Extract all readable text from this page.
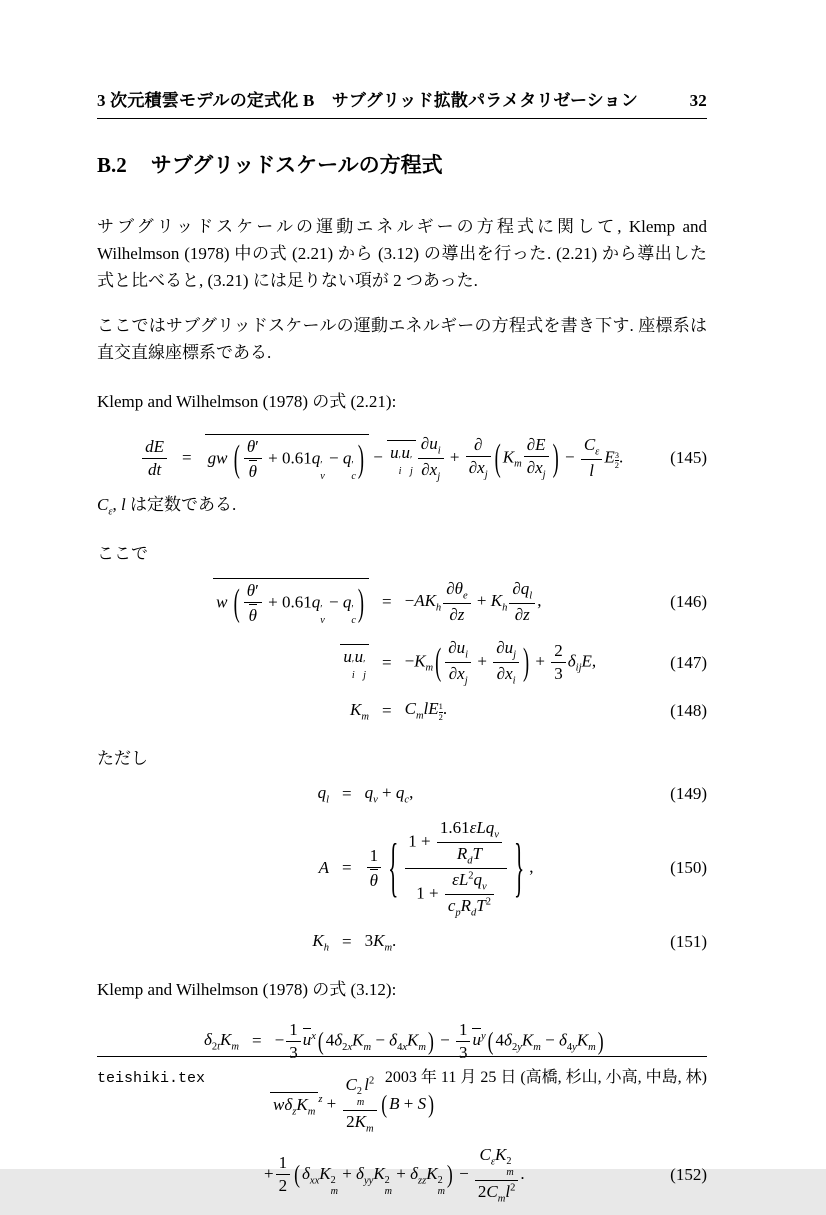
3 次元積雲モデルの定式化 B　サブグリッド拡散パラメタリゼーション	32
B.2 サブグリッドスケールの方程式

サブグリッドスケールの運動エネルギーの方程式に関して, Klemp and Wilhelmson (1978) 中の式 (2.21) から (3.12) の導出を行った. (2.21) から導出した式と比べると, (3.21) には足りない項が 2 つあった.

ここではサブグリッドスケールの運動エネルギーの方程式を書き下す. 座標系は直交直線座標系である.

Klemp and Wilhelmson (1978) の式 (2.21):

$\frac{dE}{dt}$ = gw ( $\frac{\theta'}{\theta} + 0.61q$ ′
v
− q ′
c ) − u ′
i
u ′
j $\frac{\partial u_i}{\partial x_j}$ +
∂
$\partial x_j$ ( $K_m \frac{\partial E}{\partial x_j}$ ) − $\frac{C_\varepsilon}{l}$ E $\frac{3}{2}$ .	(145)

$C_\varepsilon$, l は定数である.

ここで

w ( $\frac{\theta'}{\theta} + 0.61q$ ′
v
− q ′
c ) = $-AK_h \frac{\partial\theta_e}{\partial z} + K_h \frac{\partial q_l}{\partial z}$ ,	(146)
u ′
i
u ′
j
= $-K_m$ ( $\frac{\partial u_i}{\partial x_j} + \frac{\partial u_j}{\partial x_i}$ ) + $\frac{2}{3} \delta_{ij}E$,	(147)
$K_m = C_mlE \frac{1}{2}$ .	(148)

ただし

$q_l = q_v + q_c$,	(149)
$A = \frac{1}{\theta}$ { 1 +
1.61εLq$_v$
$R_dT$
1 +
$\varepsilon L^2q_v$
$c_pR_dT^2$ } ,	(150)
$K_h = 3K_m$.	(151)

Klemp and Wilhelmson (1978) の式 (3.12):

$\delta_{2t}K_m$ = − $\frac{1}{3} u^x$ ( $4\delta_{2x}K_m - \delta_{4x}K_m$ ) − $\frac{1}{3} u^y$ ( $4\delta_{2y}K_m - \delta_{4y}K_m$ )
$w\delta_zK_m^z + C$ 2
m
$l^2$
$2K_m$ ( B + S )
+ $\frac{1}{2}$ ( $\delta_{xx}K$ 2
m
+ $\delta_{yy}K$ 2
m
+ $\delta_{zz}K$ 2
m
) −
$C_\varepsilon K$ 2
m
$2C_ml^2$
.	(152)
teishiki.tex	2003 年 11 月 25 日 (高橋, 杉山, 小高, 中島, 林)
